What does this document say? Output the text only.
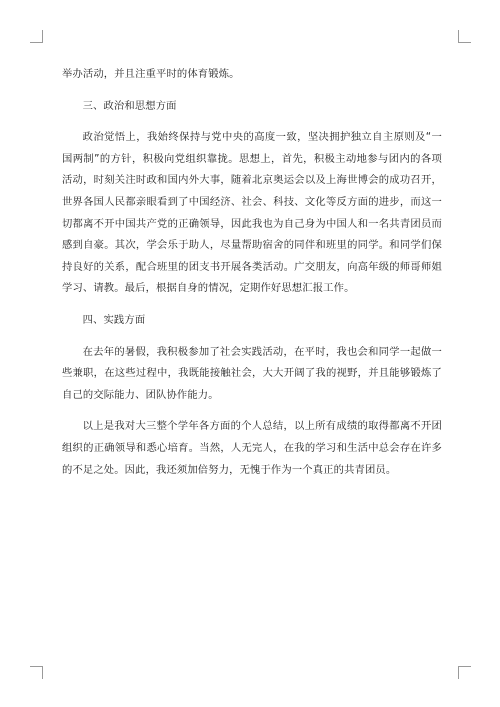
举办活动，并且注重平时的体育锻炼。

三、政治和思想方面

政治觉悟上，我始终保持与党中央的高度一致，坚决拥护独立自主原则及“一国两制”的方针，积极向党组织靠拢。思想上，首先，积极主动地参与团内的各项活动，时刻关注时政和国内外大事，随着北京奥运会以及上海世博会的成功召开，世界各国人民都亲眼看到了中国经济、社会、科技、文化等反方面的进步，而这一切都离不开中国共产党的正确领导，因此我也为自己身为中国人和一名共青团员而感到自豪。其次，学会乐于助人，尽量帮助宿舍的同伴和班里的同学。和同学们保持良好的关系，配合班里的团支书开展各类活动。广交朋友，向高年级的师哥师姐学习、请教。最后，根据自身的情况，定期作好思想汇报工作。

四、实践方面

在去年的暑假，我积极参加了社会实践活动，在平时，我也会和同学一起做一些兼职，在这些过程中，我既能接触社会，大大开阔了我的视野，并且能够锻炼了自己的交际能力、团队协作能力。

以上是我对大三整个学年各方面的个人总结，以上所有成绩的取得都离不开团组织的正确领导和悉心培育。当然，人无完人，在我的学习和生活中总会存在许多的不足之处。因此，我还须加倍努力，无愧于作为一个真正的共青团员。
